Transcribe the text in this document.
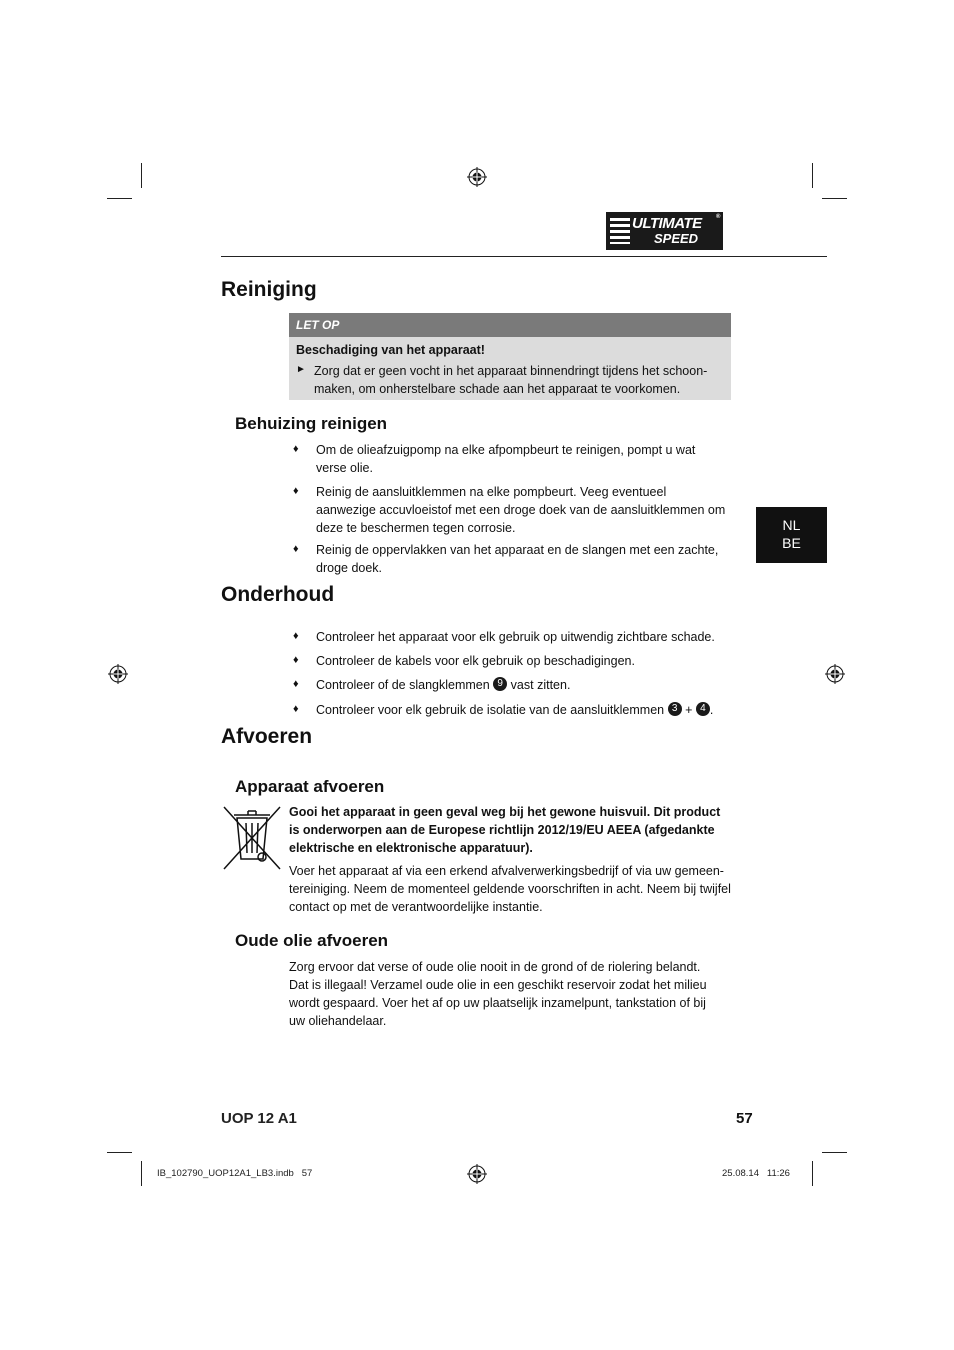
ULTIMATE
SPEED
®
Reiniging
LET OP
Beschadiging van het apparaat!
► Zorg dat er geen vocht in het apparaat binnendringt tijdens het schoon-maken, om onherstelbare schade aan het apparaat te voorkomen.
Behuizing reinigen
♦ Om de olieafzuigpomp na elke afpompbeurt te reinigen, pompt u wat verse olie.
♦ Reinig de aansluitklemmen na elke pompbeurt. Veeg eventueel aanwezige accuvloeistof met een droge doek van de aansluitklemmen om deze te beschermen tegen corrosie.
♦ Reinig de oppervlakken van het apparaat en de slangen met een zachte, droge doek.
NL
BE
Onderhoud
♦ Controleer het apparaat voor elk gebruik op uitwendig zichtbare schade.
♦ Controleer de kabels voor elk gebruik op beschadigingen.
♦ Controleer of de slangklemmen 9 vast zitten.
♦ Controleer voor elk gebruik de isolatie van de aansluitklemmen 3 + 4 .
Afvoeren
Apparaat afvoeren
Gooi het apparaat in geen geval weg bij het gewone huisvuil. Dit product is onderworpen aan de Europese richtlijn 2012/19/EU AEEA (afgedankte elektrische en elektronische apparatuur).
Voer het apparaat af via een erkend afvalverwerkingsbedrijf of via uw gemeen-tereiniging. Neem de momenteel geldende voorschriften in acht. Neem bij twijfel contact op met de verantwoordelijke instantie.
Oude olie afvoeren
Zorg ervoor dat verse of oude olie nooit in de grond of de riolering belandt. Dat is illegaal! Verzamel oude olie in een geschikt reservoir zodat het milieu wordt gespaard. Voer het af op uw plaatselijk inzamelpunt, tankstation of bij uw oliehandelaar.
UOP 12 A1	57
IB_102790_UOP12A1_LB3.indb   57	25.08.14   11:26
